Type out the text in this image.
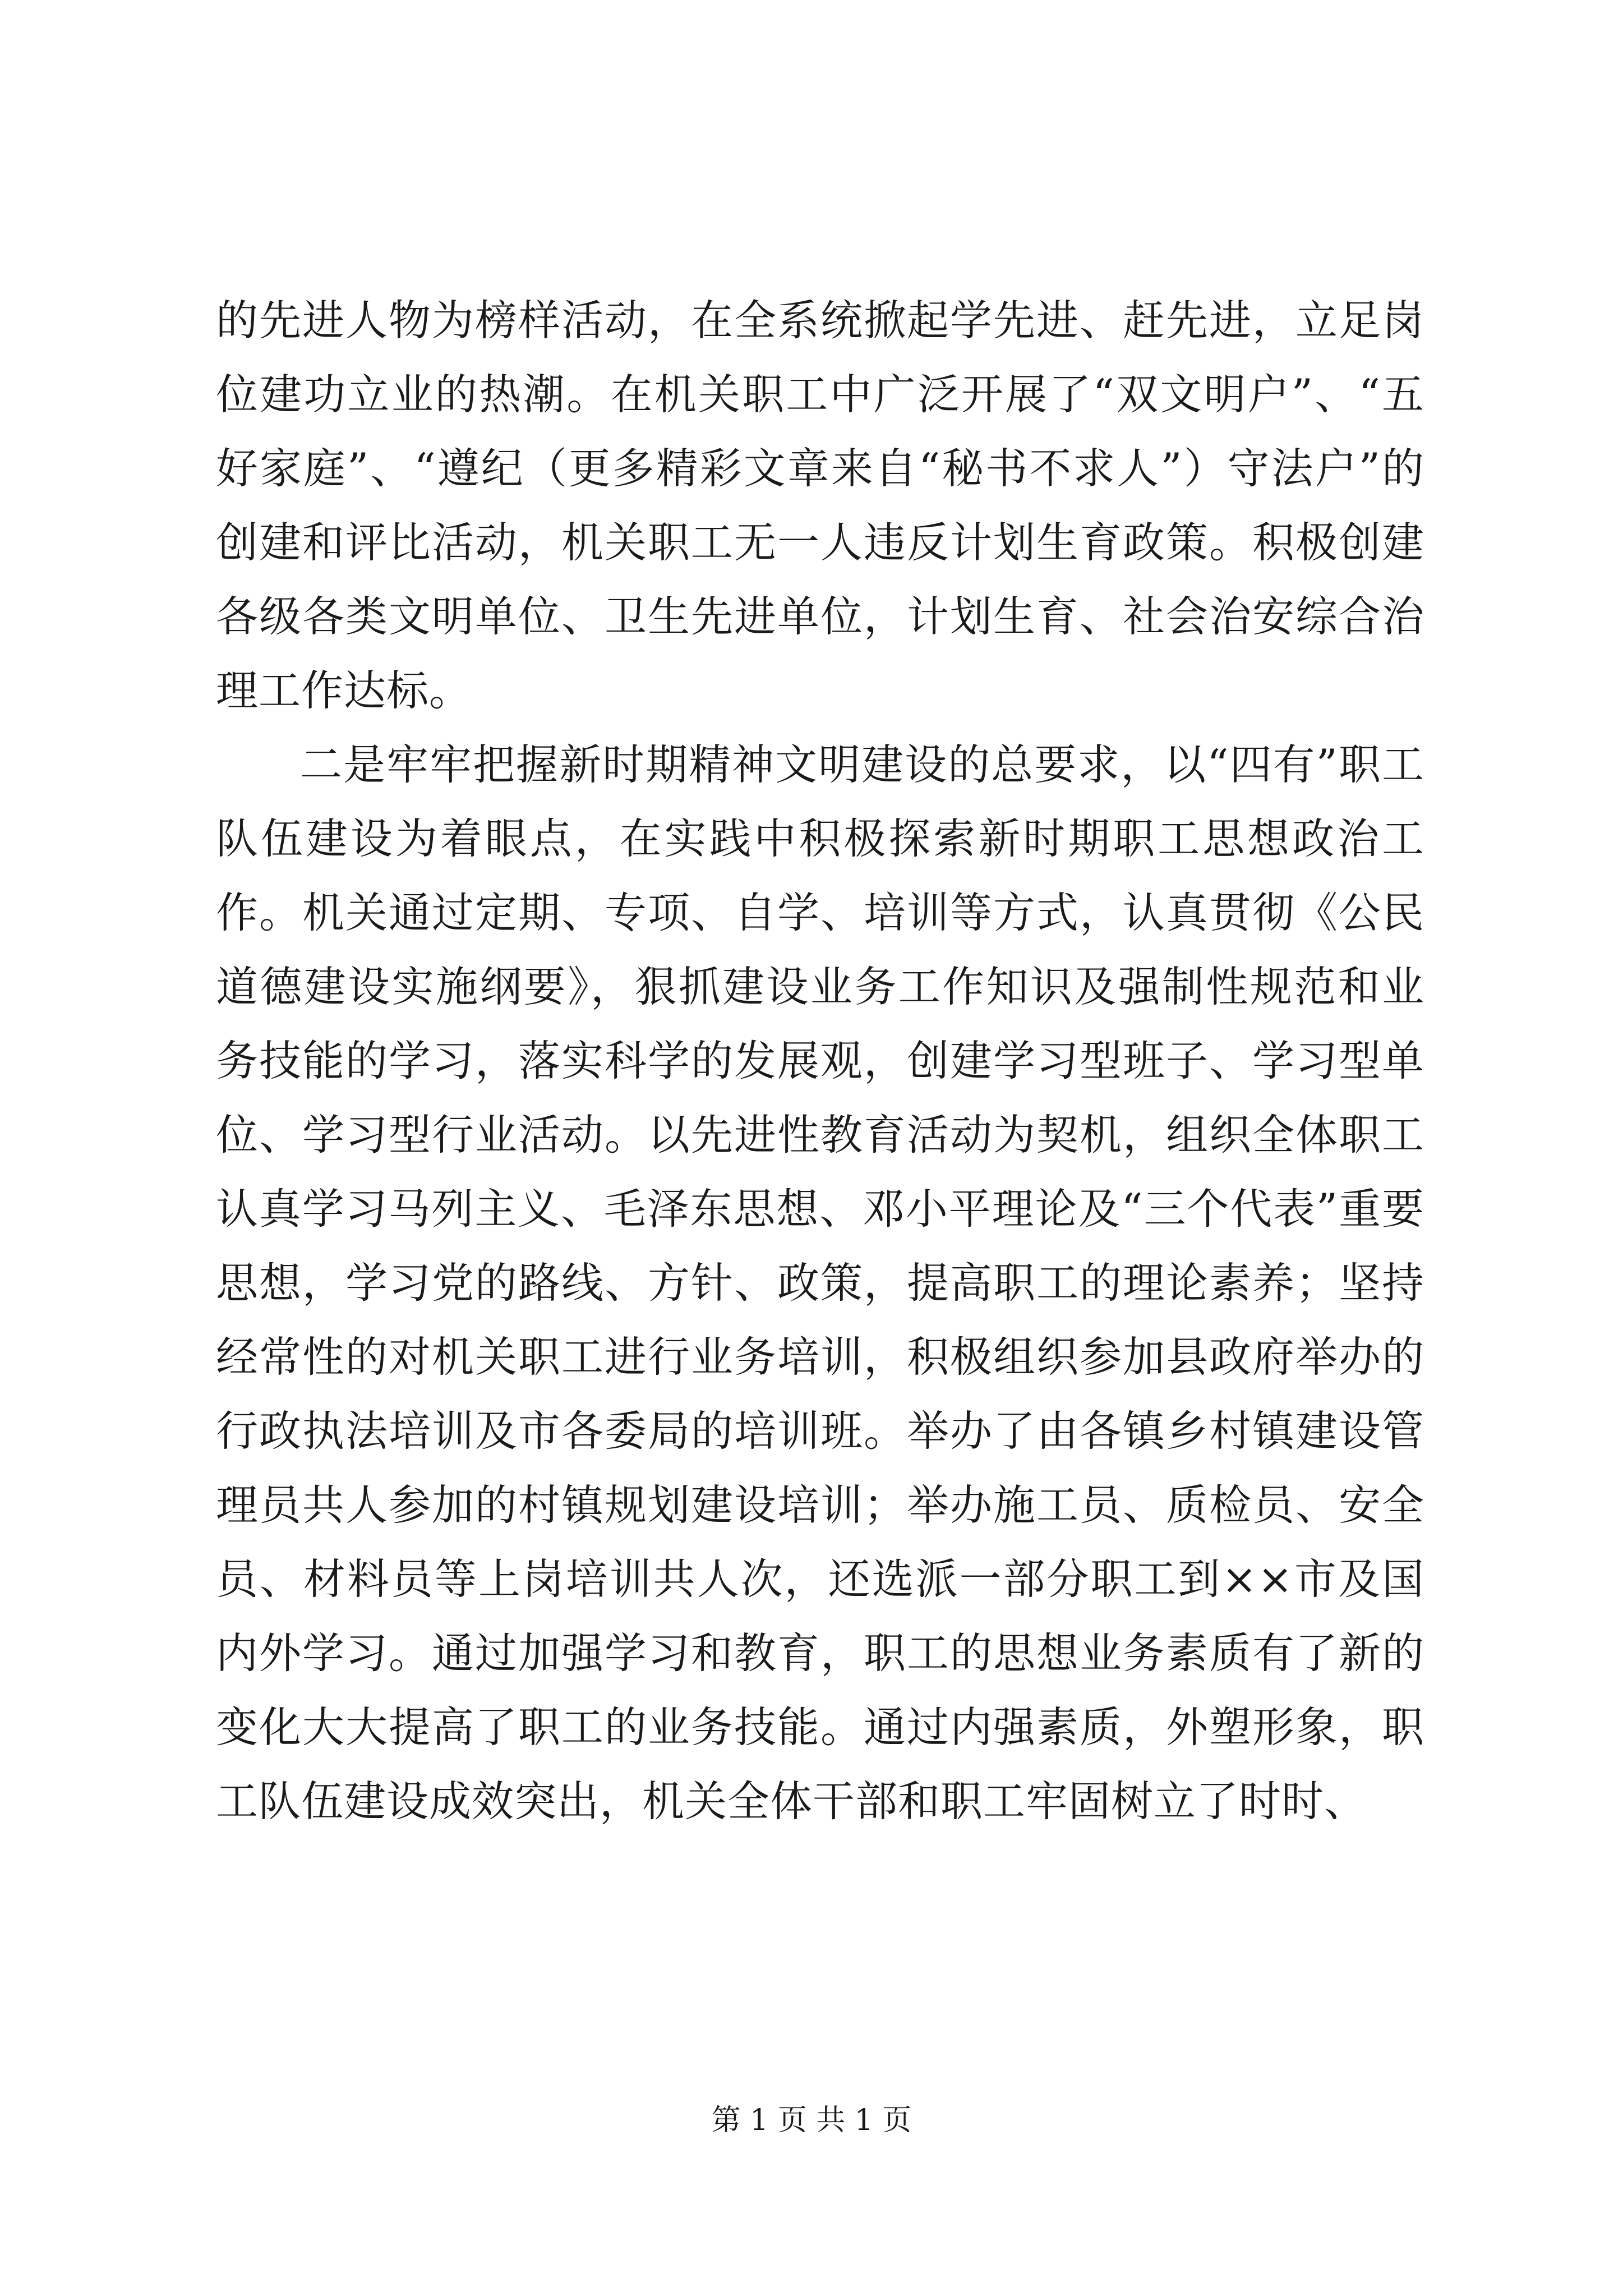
的先进人物为榜样活动，在全系统掀起学先进、赶先进，立足岗位建功立业的热潮。在机关职工中广泛开展了“双文明户”、“五好家庭”、“遵纪（更多精彩文章来自“秘书不求人”）守法户”的创建和评比活动，机关职工无一人违反计划生育政策。积极创建各级各类文明单位、卫生先进单位，计划生育、社会治安综合治理工作达标。

二是牢牢把握新时期精神文明建设的总要求，以“四有”职工队伍建设为着眼点，在实践中积极探索新时期职工思想政治工作。机关通过定期、专项、自学、培训等方式，认真贯彻《公民道德建设实施纲要》，狠抓建设业务工作知识及强制性规范和业务技能的学习，落实科学的发展观，创建学习型班子、学习型单位、学习型行业活动。以先进性教育活动为契机，组织全体职工认真学习马列主义、毛泽东思想、邓小平理论及“三个代表”重要思想，学习党的路线、方针、政策，提高职工的理论素养；坚持经常性的对机关职工进行业务培训，积极组织参加县政府举办的行政执法培训及市各委局的培训班。举办了由各镇乡村镇建设管理员共人参加的村镇规划建设培训；举办施工员、质检员、安全员、材料员等上岗培训共人次，还选派一部分职工到××市及国内外学习。通过加强学习和教育，职工的思想业务素质有了新的变化大大提高了职工的业务技能。通过内强素质，外塑形象，职工队伍建设成效突出，机关全体干部和职工牢固树立了时时、

第 1 页 共 1 页
